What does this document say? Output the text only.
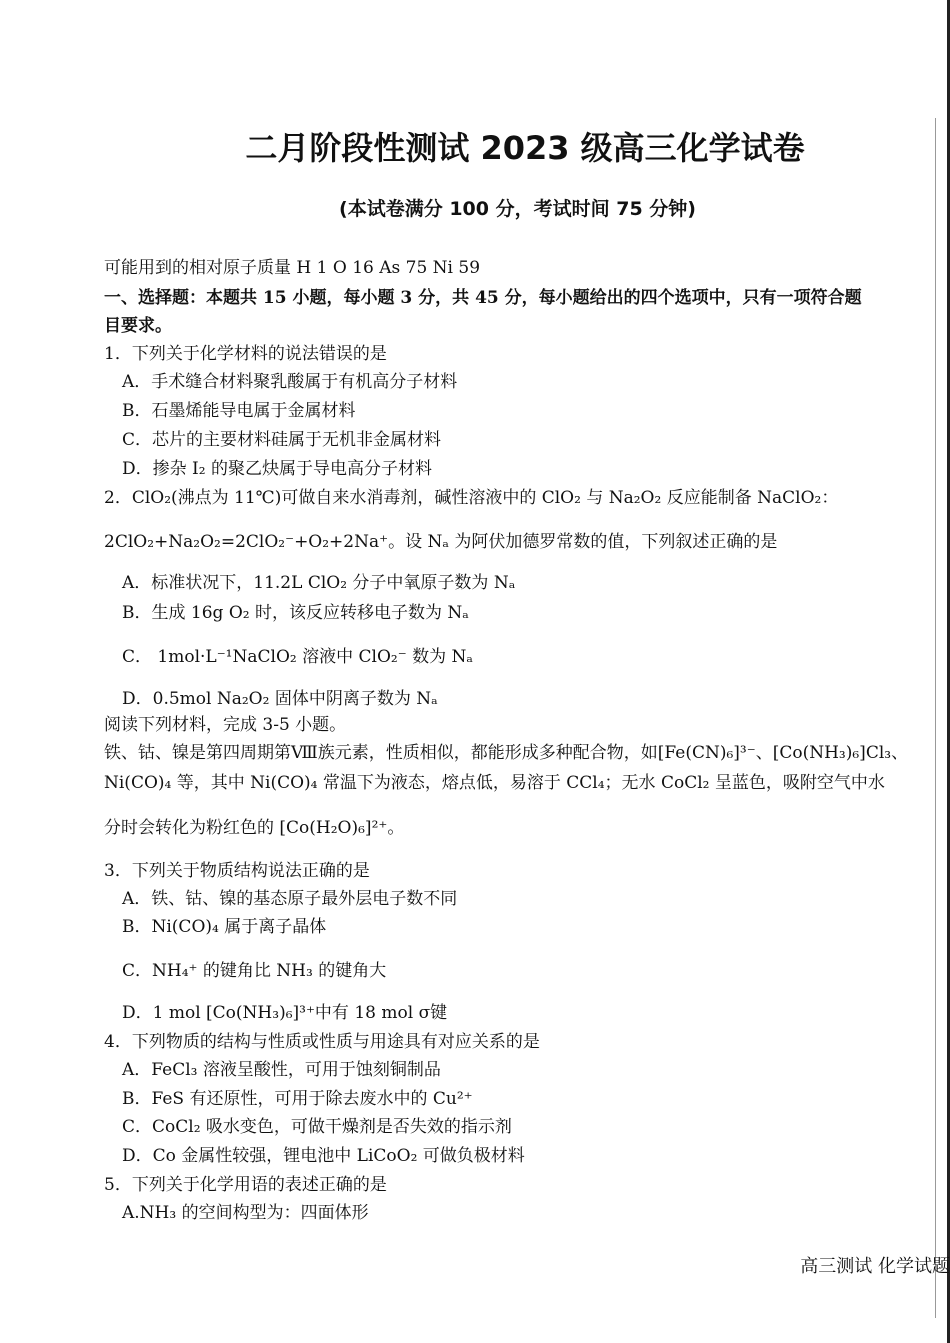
二月阶段性测试 2023 级高三化学试卷
(本试卷满分 100 分，考试时间 75 分钟)
可能用到的相对原子质量 H 1 O 16 As 75 Ni 59
一、选择题：本题共 15 小题，每小题 3 分，共 45 分，每小题给出的四个选项中，只有一项符合题
目要求。
1．下列关于化学材料的说法错误的是
A．手术缝合材料聚乳酸属于有机高分子材料
B．石墨烯能导电属于金属材料
C．芯片的主要材料硅属于无机非金属材料
D．掺杂 I₂ 的聚乙炔属于导电高分子材料
2．ClO₂(沸点为 11℃)可做自来水消毒剂，碱性溶液中的 ClO₂ 与 Na₂O₂ 反应能制备 NaClO₂：
2ClO₂+Na₂O₂=2ClO₂⁻+O₂+2Na⁺。设 Nₐ 为阿伏加德罗常数的值，下列叙述正确的是
A．标准状况下，11.2L ClO₂ 分子中氧原子数为 Nₐ
B．生成 16g O₂ 时，该反应转移电子数为 Nₐ
C． 1mol·L⁻¹NaClO₂ 溶液中 ClO₂⁻ 数为 Nₐ
D．0.5mol Na₂O₂ 固体中阴离子数为 Nₐ
阅读下列材料，完成 3-5 小题。
铁、钴、镍是第四周期第Ⅷ族元素，性质相似，都能形成多种配合物，如[Fe(CN)₆]³⁻、[Co(NH₃)₆]Cl₃、
Ni(CO)₄ 等，其中 Ni(CO)₄ 常温下为液态，熔点低，易溶于 CCl₄；无水 CoCl₂ 呈蓝色，吸附空气中水
分时会转化为粉红色的 [Co(H₂O)₆]²⁺。
3．下列关于物质结构说法正确的是
A．铁、钴、镍的基态原子最外层电子数不同
B．Ni(CO)₄ 属于离子晶体
C．NH₄⁺ 的键角比 NH₃ 的键角大
D．1 mol [Co(NH₃)₆]³⁺中有 18 mol σ键
4．下列物质的结构与性质或性质与用途具有对应关系的是
A．FeCl₃ 溶液呈酸性，可用于蚀刻铜制品
B．FeS 有还原性，可用于除去废水中的 Cu²⁺
C．CoCl₂ 吸水变色，可做干燥剂是否失效的指示剂
D．Co 金属性较强，锂电池中 LiCoO₂ 可做负极材料
5．下列关于化学用语的表述正确的是
A.NH₃ 的空间构型为：四面体形
高三测试 化学试题
